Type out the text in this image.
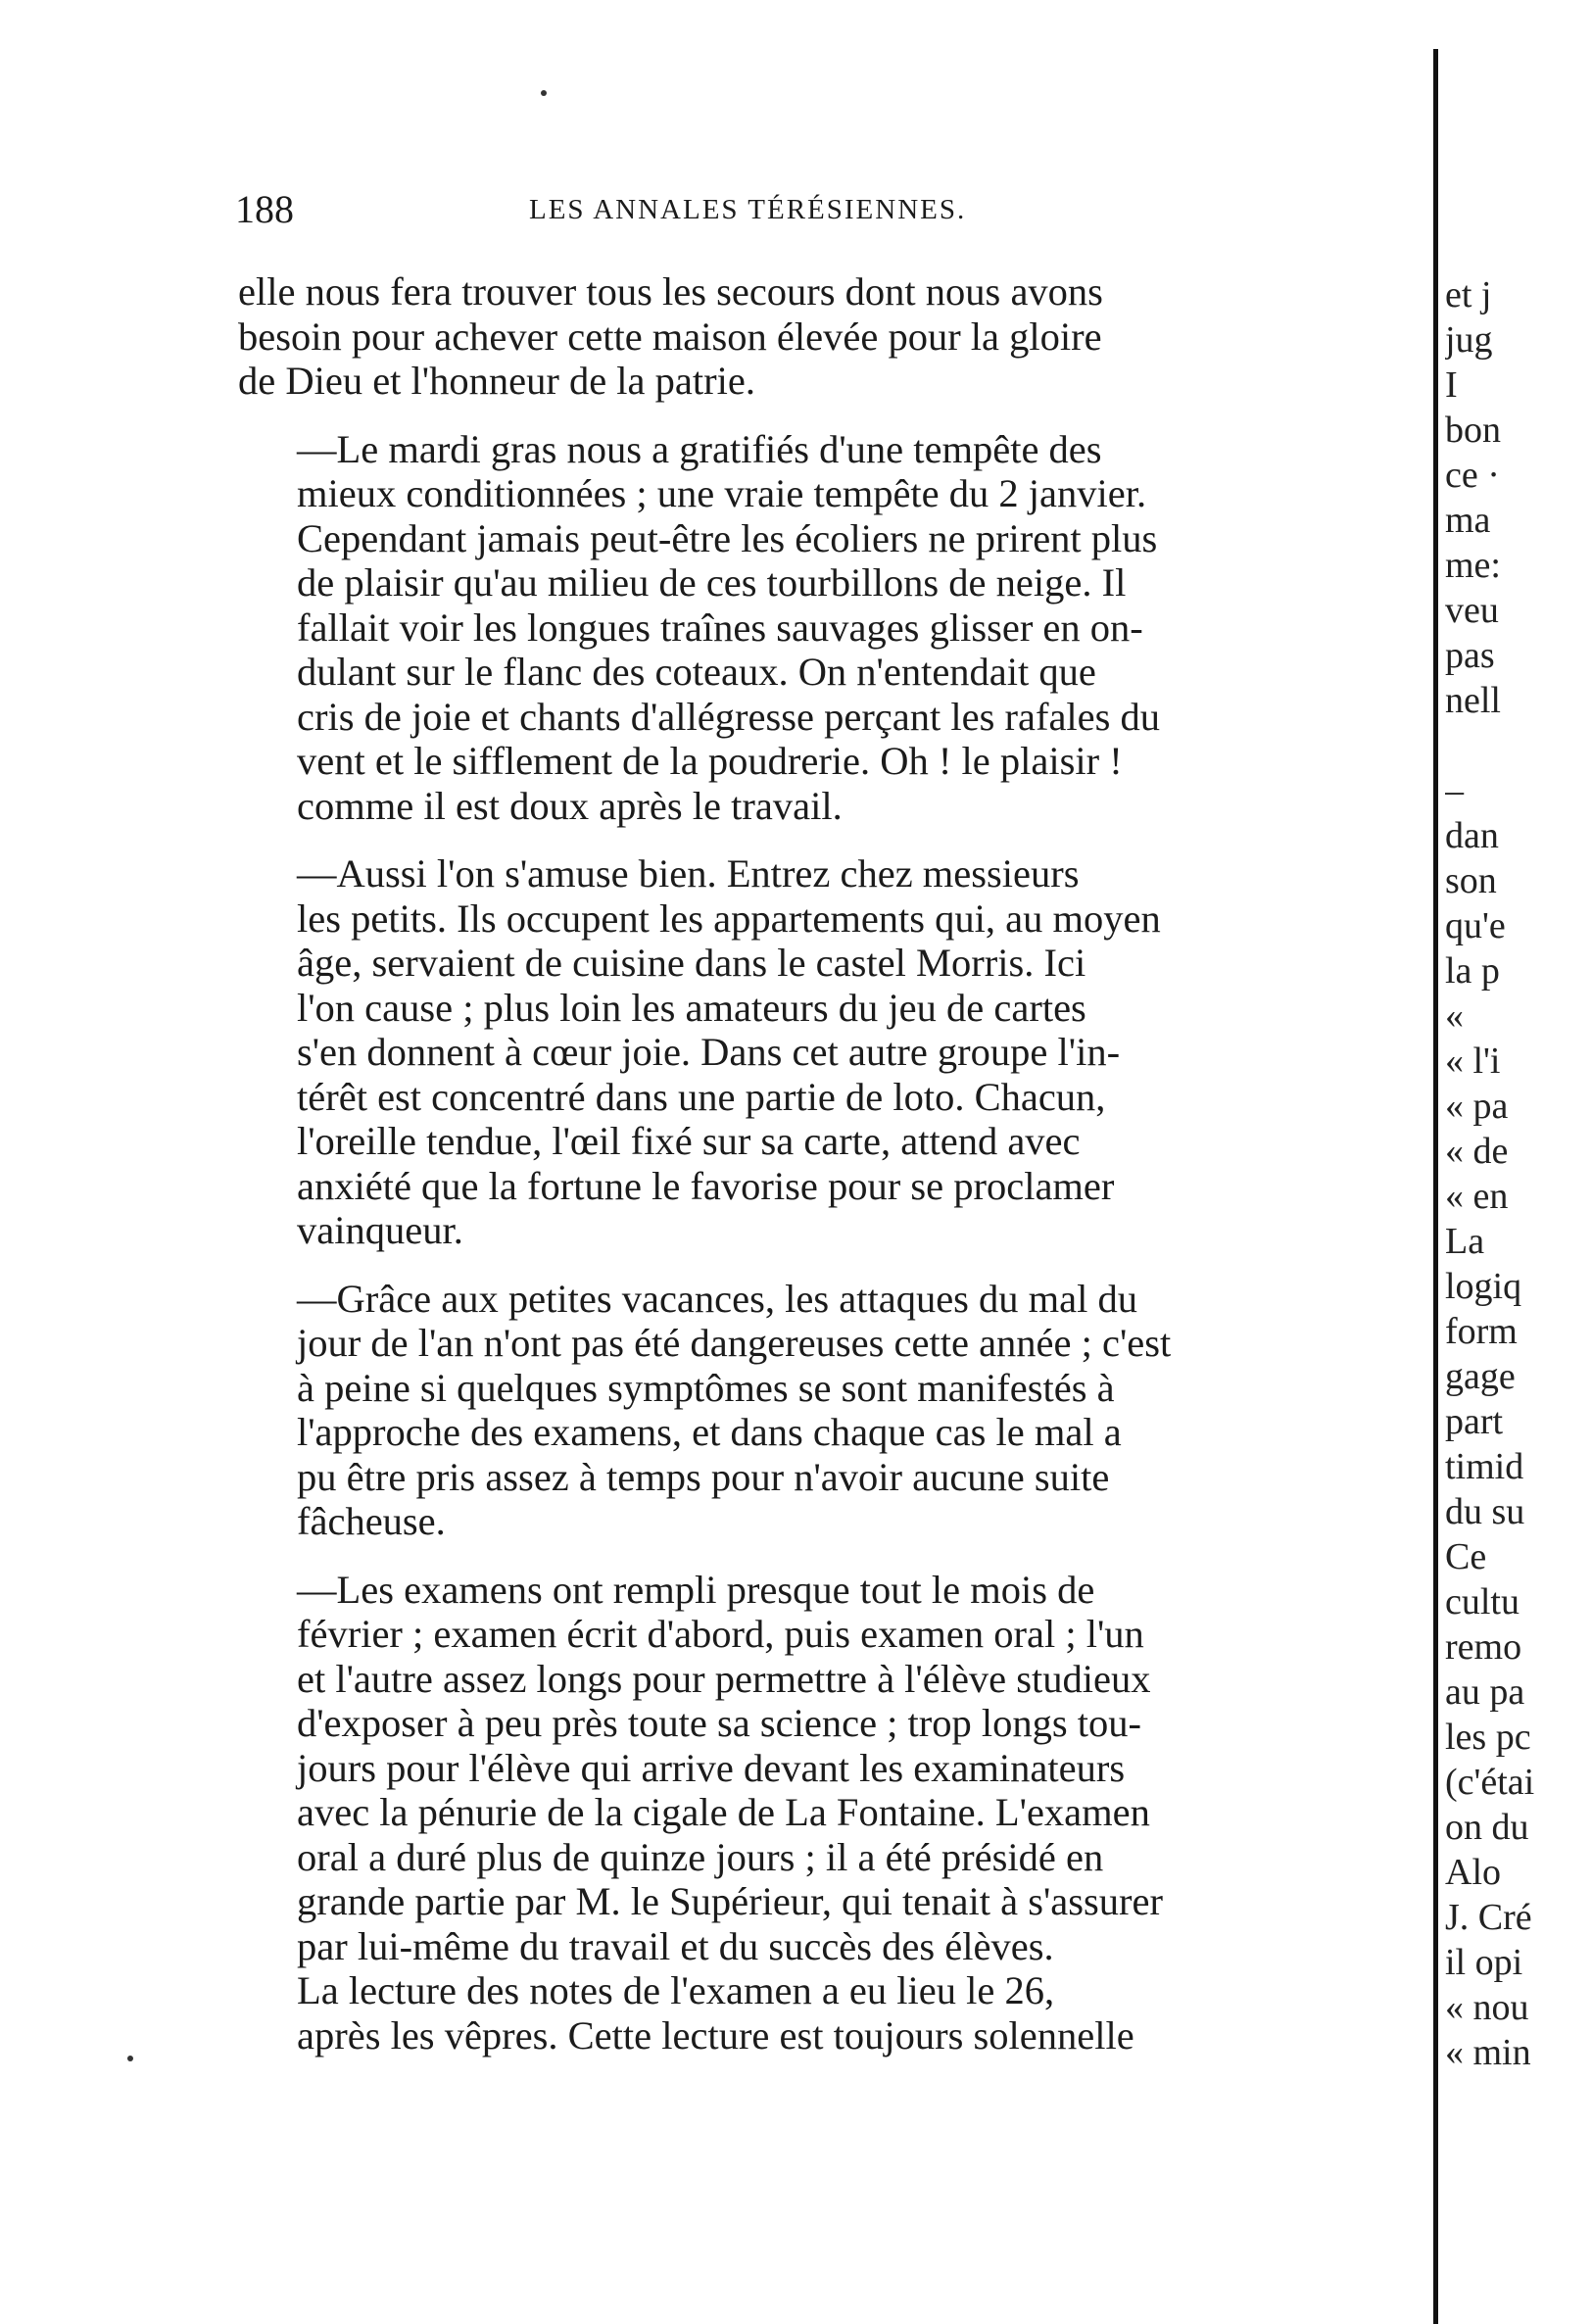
188	LES ANNALES TÉRÉSIENNES.

elle nous fera trouver tous les secours dont nous avons
besoin pour achever cette maison élevée pour la gloire
de Dieu et l'honneur de la patrie.

—Le mardi gras nous a gratifiés d'une tempête des
mieux conditionnées ; une vraie tempête du 2 janvier.
Cependant jamais peut-être les écoliers ne prirent plus
de plaisir qu'au milieu de ces tourbillons de neige. Il
fallait voir les longues traînes sauvages glisser en on-
dulant sur le flanc des coteaux. On n'entendait que
cris de joie et chants d'allégresse perçant les rafales du
vent et le sifflement de la poudrerie. Oh ! le plaisir !
comme il est doux après le travail.

—Aussi l'on s'amuse bien. Entrez chez messieurs
les petits. Ils occupent les appartements qui, au moyen
âge, servaient de cuisine dans le castel Morris. Ici
l'on cause ; plus loin les amateurs du jeu de cartes
s'en donnent à cœur joie. Dans cet autre groupe l'in-
térêt est concentré dans une partie de loto. Chacun,
l'oreille tendue, l'œil fixé sur sa carte, attend avec
anxiété que la fortune le favorise pour se proclamer
vainqueur.

—Grâce aux petites vacances, les attaques du mal du
jour de l'an n'ont pas été dangereuses cette année ; c'est
à peine si quelques symptômes se sont manifestés à
l'approche des examens, et dans chaque cas le mal a
pu être pris assez à temps pour n'avoir aucune suite
fâcheuse.

—Les examens ont rempli presque tout le mois de
février ; examen écrit d'abord, puis examen oral ; l'un
et l'autre assez longs pour permettre à l'élève studieux
d'exposer à peu près toute sa science ; trop longs tou-
jours pour l'élève qui arrive devant les examinateurs
avec la pénurie de la cigale de La Fontaine. L'examen
oral a duré plus de quinze jours ; il a été présidé en
grande partie par M. le Supérieur, qui tenait à s'assurer
par lui-même du travail et du succès des élèves.

La lecture des notes de l'examen a eu lieu le 26,
après les vêpres. Cette lecture est toujours solennelle

et j
jug
I
bon
ce ·
ma
me:
veu
pas
nell

–
dan
son
qu'e
la p
«
« l'i
« pa
« de
« en
La
logiq
form
gage
part
timid
du su
Ce
cultu
remo
au pa
les pc
(c'étai
on du
Alo
J. Cré
il opi
« nou
« min
